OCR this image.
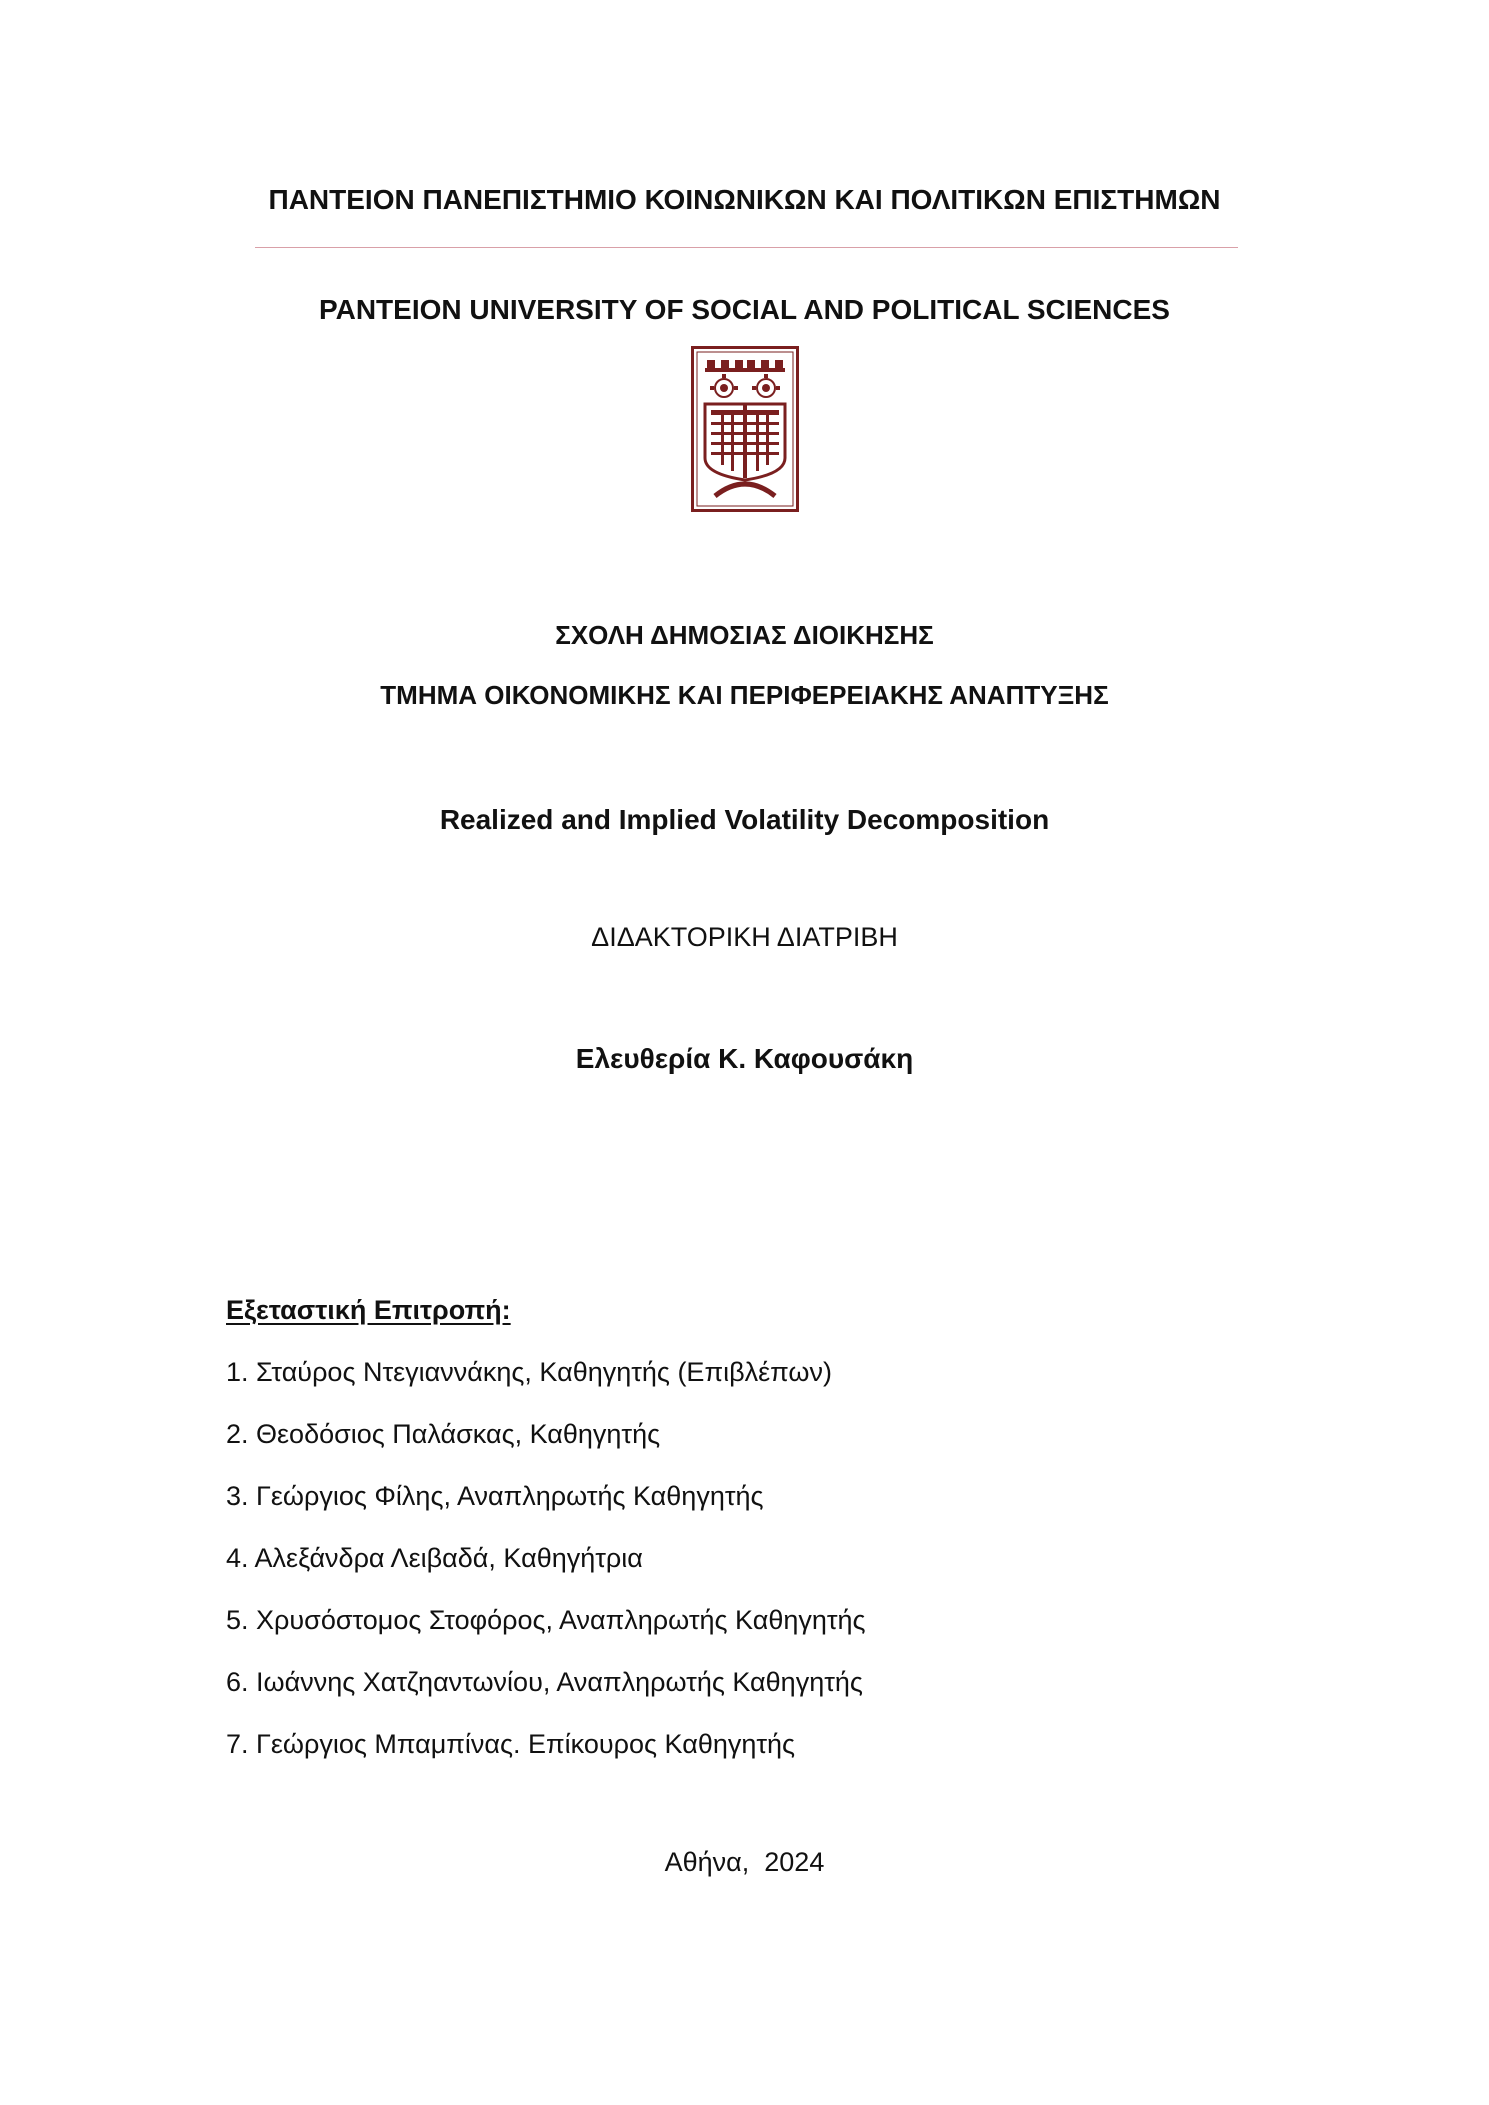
ΠΑΝΤΕΙΟΝ ΠΑΝΕΠΙΣΤΗΜΙΟ ΚΟΙΝΩΝΙΚΩΝ ΚΑΙ ΠΟΛΙΤΙΚΩΝ ΕΠΙΣΤΗΜΩΝ
PANTEION UNIVERSITY OF SOCIAL AND POLITICAL SCIENCES
ΣΧΟΛΗ ΔΗΜΟΣΙΑΣ ΔΙΟΙΚΗΣΗΣ
ΤΜΗΜΑ ΟΙΚΟΝΟΜΙΚΗΣ ΚΑΙ ΠΕΡΙΦΕΡΕΙΑΚΗΣ ΑΝΑΠΤΥΞΗΣ
Realized and Implied Volatility Decomposition
ΔΙΔΑΚΤΟΡΙΚΗ ΔΙΑΤΡΙΒΗ
Ελευθερία Κ. Καφουσάκη
Εξεταστική Επιτροπή:
1. Σταύρος Ντεγιαννάκης, Καθηγητής (Επιβλέπων)
2. Θεοδόσιος Παλάσκας, Καθηγητής
3. Γεώργιος Φίλης, Αναπληρωτής Καθηγητής
4. Αλεξάνδρα Λειβαδά, Καθηγήτρια
5. Χρυσόστομος Στοφόρος, Αναπληρωτής Καθηγητής
6. Ιωάννης Χατζηαντωνίου, Αναπληρωτής Καθηγητής
7. Γεώργιος Μπαμπίνας. Επίκουρος Καθηγητής
Αθήνα,  2024
